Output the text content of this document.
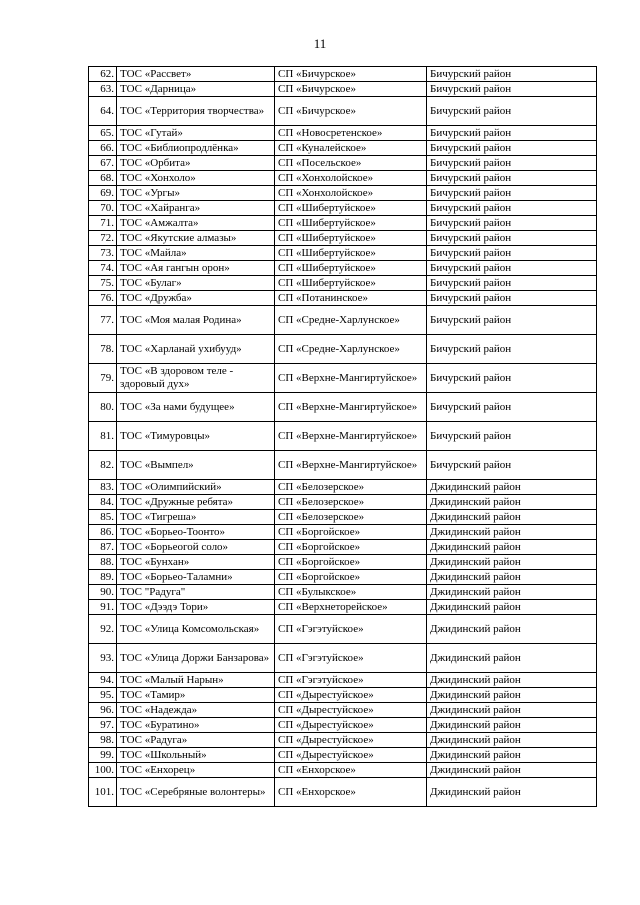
11
62.	ТОС «Рассвет»	СП «Бичурское»	Бичурский район
63.	ТОС «Дарница»	СП «Бичурское»	Бичурский район
64.	ТОС «Территория творчества»	СП «Бичурское»	Бичурский район
65.	ТОС «Гутай»	СП «Новосретенское»	Бичурский район
66.	ТОС «Библиопродлёнка»	СП «Куналейское»	Бичурский район
67.	ТОС «Орбита»	СП «Посельское»	Бичурский район
68.	ТОС «Хонхоло»	СП «Хонхолойское»	Бичурский район
69.	ТОС «Ургы»	СП «Хонхолойское»	Бичурский район
70.	ТОС «Хайранга»	СП «Шибертуйское»	Бичурский район
71.	ТОС «Амжалта»	СП «Шибертуйское»	Бичурский район
72.	ТОС «Якутские алмазы»	СП «Шибертуйское»	Бичурский район
73.	ТОС «Майла»	СП «Шибертуйское»	Бичурский район
74.	ТОС «Ая гангын орон»	СП «Шибертуйское»	Бичурский район
75.	ТОС «Булаг»	СП «Шибертуйское»	Бичурский район
76.	ТОС «Дружба»	СП «Потанинское»	Бичурский район
77.	ТОС «Моя малая Родина»	СП «Средне-Харлунское»	Бичурский район
78.	ТОС «Харланай ухибууд»	СП «Средне-Харлунское»	Бичурский район
79.	ТОС «В здоровом теле - здоровый дух»	СП «Верхне-Мангиртуйское»	Бичурский район
80.	ТОС «За нами будущее»	СП «Верхне-Мангиртуйское»	Бичурский район
81.	ТОС «Тимуровцы»	СП «Верхне-Мангиртуйское»	Бичурский район
82.	ТОС «Вымпел»	СП «Верхне-Мангиртуйское»	Бичурский район
83.	ТОС «Олимпийский»	СП «Белозерское»	Джидинский район
84.	ТОС «Дружные ребята»	СП «Белозерское»	Джидинский район
85.	ТОС «Тигреша»	СП «Белозерское»	Джидинский район
86.	ТОС «Борьео-Тоонто»	СП «Боргойское»	Джидинский район
87.	ТОС «Борьеогой соло»	СП «Боргойское»	Джидинский район
88.	ТОС «Бунхан»	СП «Боргойское»	Джидинский район
89.	ТОС «Борьео-Таламни»	СП «Боргойское»	Джидинский район
90.	ТОС "Радуга"	СП «Булыкское»	Джидинский район
91.	ТОС «Дээдэ Тори»	СП «Верхнеторейское»	Джидинский район
92.	ТОС «Улица Комсомольская»	СП «Гэгэтуйское»	Джидинский район
93.	ТОС «Улица Доржи Банзарова»	СП «Гэгэтуйское»	Джидинский район
94.	ТОС «Малый Нарын»	СП «Гэгэтуйское»	Джидинский район
95.	ТОС «Тамир»	СП «Дырестуйское»	Джидинский район
96.	ТОС «Надежда»	СП «Дырестуйское»	Джидинский район
97.	ТОС «Буратино»	СП «Дырестуйское»	Джидинский район
98.	ТОС «Радуга»	СП «Дырестуйское»	Джидинский район
99.	ТОС «Школьный»	СП «Дырестуйское»	Джидинский район
100.	ТОС «Енхорец»	СП «Енхорское»	Джидинский район
101.	ТОС «Серебряные волонтеры»	СП «Енхорское»	Джидинский район
